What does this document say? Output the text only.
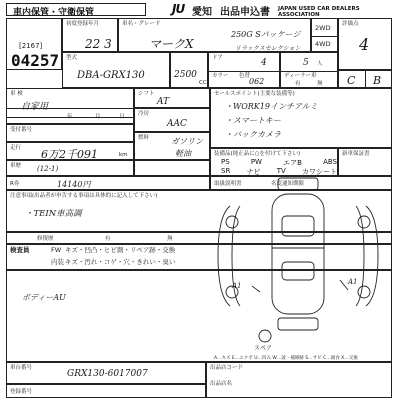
車内保管・守衛保管	JU 愛知 出品申込書 JAPAN USED CAR DEALERS ASSOCIATION
[2167]
04257
初度登録年月
22 3
車名・グレード
マークX
250G Sパッケージ
リラックスセレクション
2WD
4WD
評価点
4
型式
DBA-GRX130	2500
CC
ドア	4
カラー 色替
062
5 人
ディーラー車
有	無 C B
車 検
自家用
シフト
AT
セールスポイント(主要な装備等)
・WORK19インチアルミ
・スマートキー
・バックカメラ
年	月	日 冷房
AAC
受付番号
燃料	ガソリン
軽油
走行 6万2千091	km
車歴 (12-1)
装備品(純正品に○を付けて下さい)
PS	PW	エアB	ABS
SR ナビ TV カワシート
新車保証書
R券	14140円	取扱説明書	名変通知期限
注意事項(出品者が申告する事項は具体的に記入して下さい)
・TEIN車高調
修復歴	有	無
検査員	FW キズ・凹凸・ヒビ割・リペア跡・交換
内装 キズ・汚れ・コゲ・穴・きれい・臭い
ボディーAU
A1	A1
スペア
A…キズ E…エクボ U…凹み W…波・補修跡 S…サビ C…腐食 X…交換
車台番号
GRX130-6017007
登録番号
出品店コード
出品店名
